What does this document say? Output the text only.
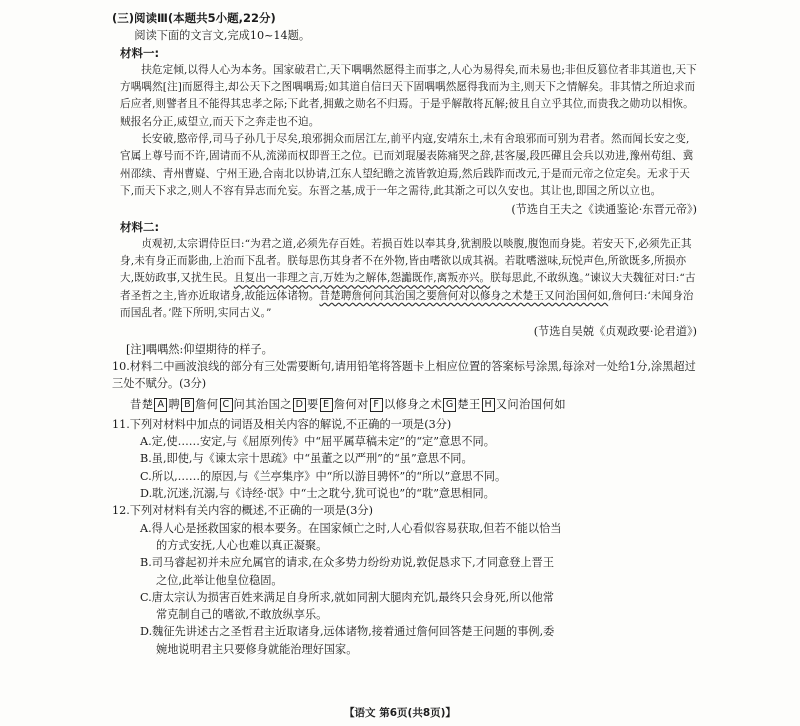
(三)阅读Ⅲ(本题共5小题,22分)

阅读下面的文言文,完成10~14题。

材料一:

扶危定倾,以得人心为本务。国家破君亡,天下喁喁然愿得主而事之,人心为易得矣,而未易也;非但反篡位者非其道也,天下方喁喁然[注]而愿得主,却公天下之图喁喁焉;如其道自信曰天下固喁喁然愿得我而为主,则天下之情解矣。非其情之所迫求而后应者,则譬者且不能得其忠孝之际;下此者,拥戴之勋名不归焉。于是乎解散将瓦解;彼且自立乎其位,而贵我之勋功以相恢。贼报名分正,威望立,而天下之奔走也不迫。

长安破,愍帝俘,司马子孙几于尽矣,琅邪拥众而居江左,前平内寇,安靖东土,未有舍琅邪而可别为君者。然而闻长安之变,官属上尊号而不许,固请而不从,流涕而权即晋王之位。已而刘琨屡表陈痛哭之辞,甚客屡,段匹磾且会兵以劝进,豫州苟组、冀州邵续、青州曹嶷、宁州王逊,合南北以协请,江东人望纪瞻之流皆敦迫焉,然后践阼而改元,于是而元帝之位定矣。无求于天下,而天下求之,则人不容有异志而允妄。东晋之基,成于一年之需待,此其渐之可以久安也。其让也,即国之所以立也。

(节选自王夫之《读通鉴论·东晋元帝》)

材料二:

贞观初,太宗谓侍臣曰:“为君之道,必须先存百姓。若损百姓以奉其身,犹割股以啖腹,腹饱而身毙。若安天下,必须先正其身,未有身正而影曲,上治而下乱者。朕每思伤其身者不在外物,皆由嗜欲以成其祸。若耽嗜滋味,玩悦声色,所欲既多,所损亦大,既妨政事,又扰生民。且复出一非理之言,万姓为之解体,怨讟既作,离叛亦兴。朕每思此,不敢纵逸。”谏议大夫魏征对曰:“古者圣哲之主,皆亦近取诸身,故能远体诸物。昔楚聘詹何问其治国之要詹何对以修身之术楚王又问治国何如,詹何曰:‘未闻身治而国乱者。’陛下所明,实同古义。”

(节选自吴兢《贞观政要·论君道》)

[注]喁喁然:仰望期待的样子。

10.材料二中画波浪线的部分有三处需要断句,请用铅笔将答题卡上相应位置的答案标号涂黑,每涂对一处给1分,涂黑超过三处不赋分。(3分)

昔楚 A 聘 B 詹何 C 问其治国之 D 要 E 詹何对 F 以修身之术 G 楚王 H 又问治国何如

11.下列对材料中加点的词语及相关内容的解说,不正确的一项是(3分)

A.定,使……安定,与《屈原列传》中“屈平属草稿未定”的“定”意思不同。

B.虽,即使,与《谏太宗十思疏》中“虽董之以严刑”的“虽”意思不同。

C.所以,……的原因,与《兰亭集序》中“所以游目骋怀”的“所以”意思不同。

D.耽,沉迷,沉溺,与《诗经·氓》中“士之耽兮,犹可说也”的“耽”意思相同。

12.下列对材料有关内容的概述,不正确的一项是(3分)

A.得人心是拯救国家的根本要务。在国家倾亡之时,人心看似容易获取,但若不能以恰当

的方式安抚,人心也难以真正凝聚。

B.司马睿起初并未应允属官的请求,在众多势力纷纷劝说,敦促恳求下,才同意登上晋王

之位,此举让他皇位稳固。

C.唐太宗认为损害百姓来满足自身所求,就如同割大腿肉充饥,最终只会身死,所以他常

常克制自己的嗜欲,不敢放纵享乐。

D.魏征先讲述古之圣哲君主近取诸身,远体诸物,接着通过詹何回答楚王问题的事例,委

婉地说明君主只要修身就能治理好国家。

【语文 第6页(共8页)】
